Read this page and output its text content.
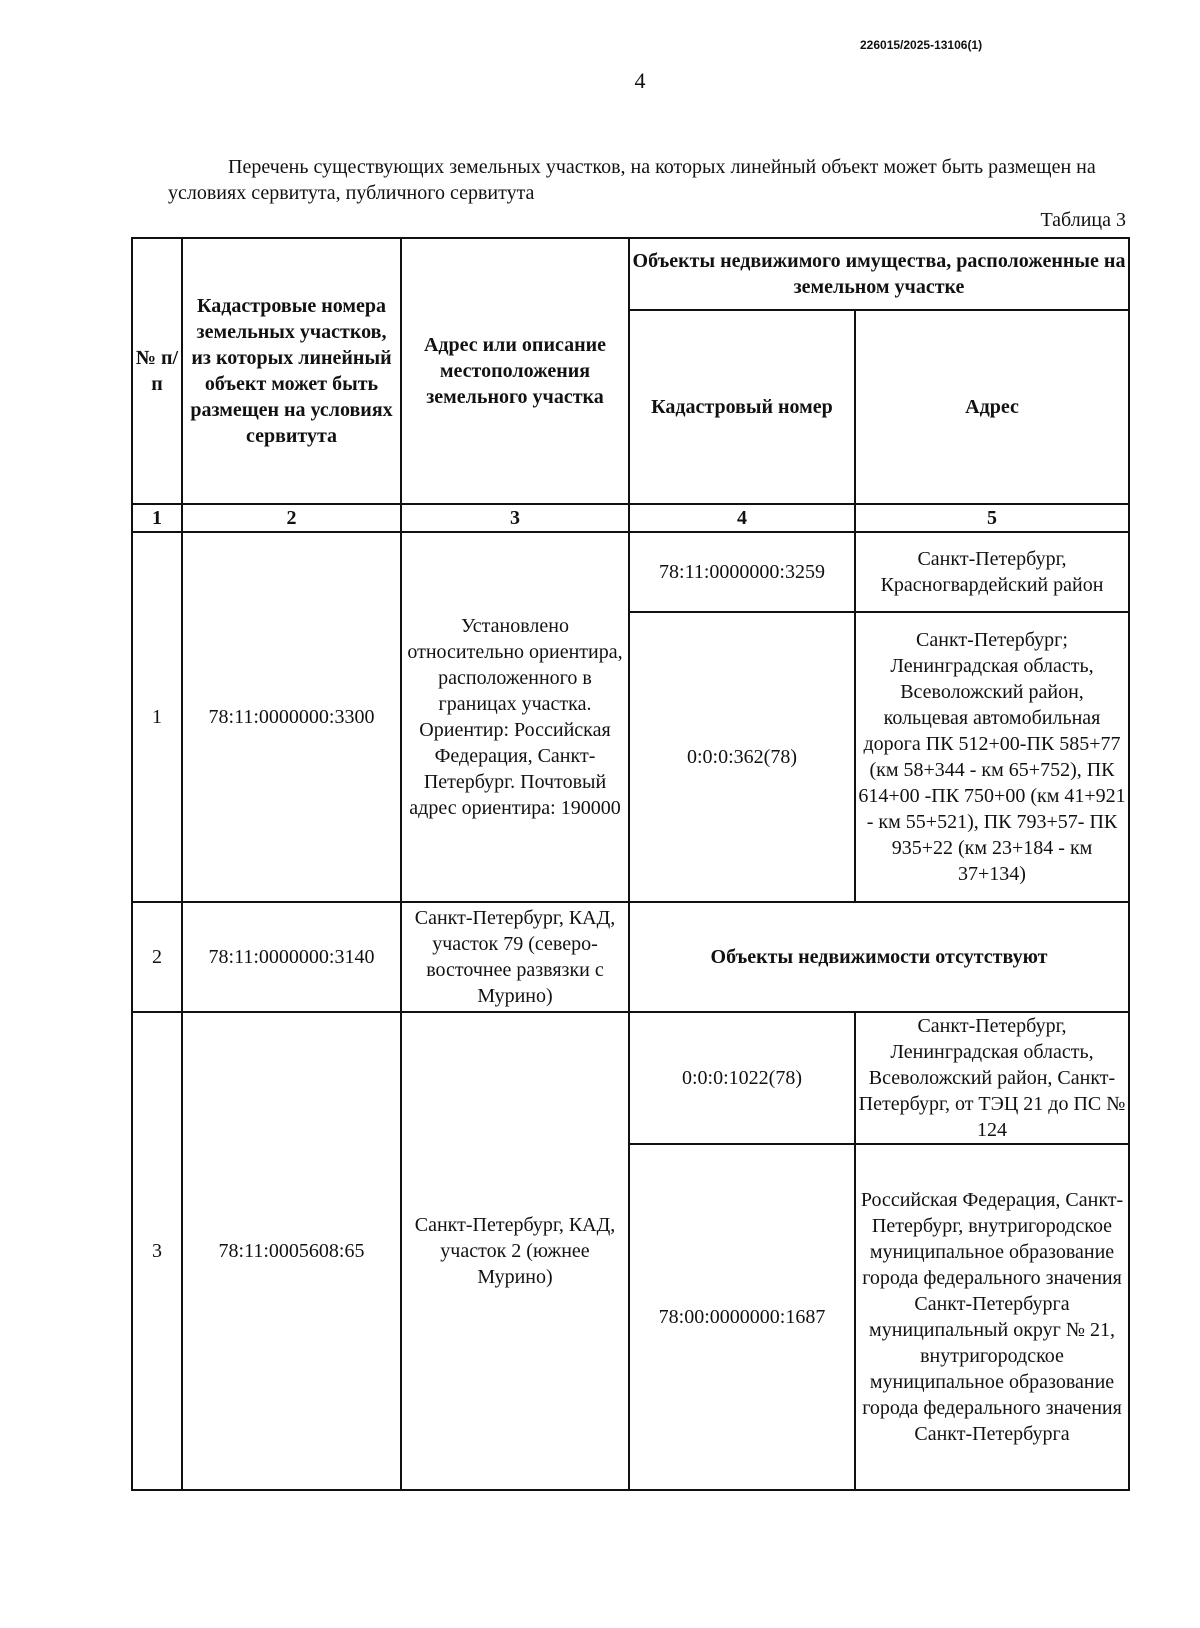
226015/2025-13106(1)
4
Перечень существующих земельных участков, на которых линейный объект может быть размещен на условиях сервитута, публичного сервитута
Таблица 3
№ п/п	Кадастровые номера земельных участков, из которых линейный объект может быть размещен на условиях сервитута	Адрес или описание местоположения земельного участка	Объекты недвижимого имущества, расположенные на земельном участке	
			Кадастровый номер	Адрес
1	2	3	4	5
1	78:11:0000000:3300	Установлено относительно ориентира, расположенного в границах участка. Ориентир: Российская Федерация, Санкт-Петербург. Почтовый адрес ориентира: 190000	78:11:0000000:3259	Санкт-Петербург, Красногвардейский район
			0:0:0:362(78)	Санкт-Петербург; Ленинградская область, Всеволожский район, кольцевая автомобильная дорога ПК 512+00-ПК 585+77 (км 58+344 - км 65+752), ПК 614+00 -ПК 750+00 (км 41+921 - км 55+521), ПК 793+57- ПК 935+22 (км 23+184 - км 37+134)
2	78:11:0000000:3140	Санкт-Петербург, КАД, участок 79 (северо-восточнее развязки с Мурино)	Объекты недвижимости отсутствуют	
3	78:11:0005608:65	Санкт-Петербург, КАД, участок 2 (южнее Мурино)	0:0:0:1022(78)	Санкт-Петербург, Ленинградская область, Всеволожский район, Санкт-Петербург, от ТЭЦ 21 до ПС № 124
			78:00:0000000:1687	Российская Федерация, Санкт-Петербург, внутригородское муниципальное образование города федерального значения Санкт-Петербурга муниципальный округ № 21, внутригородское муниципальное образование города федерального значения Санкт-Петербурга
